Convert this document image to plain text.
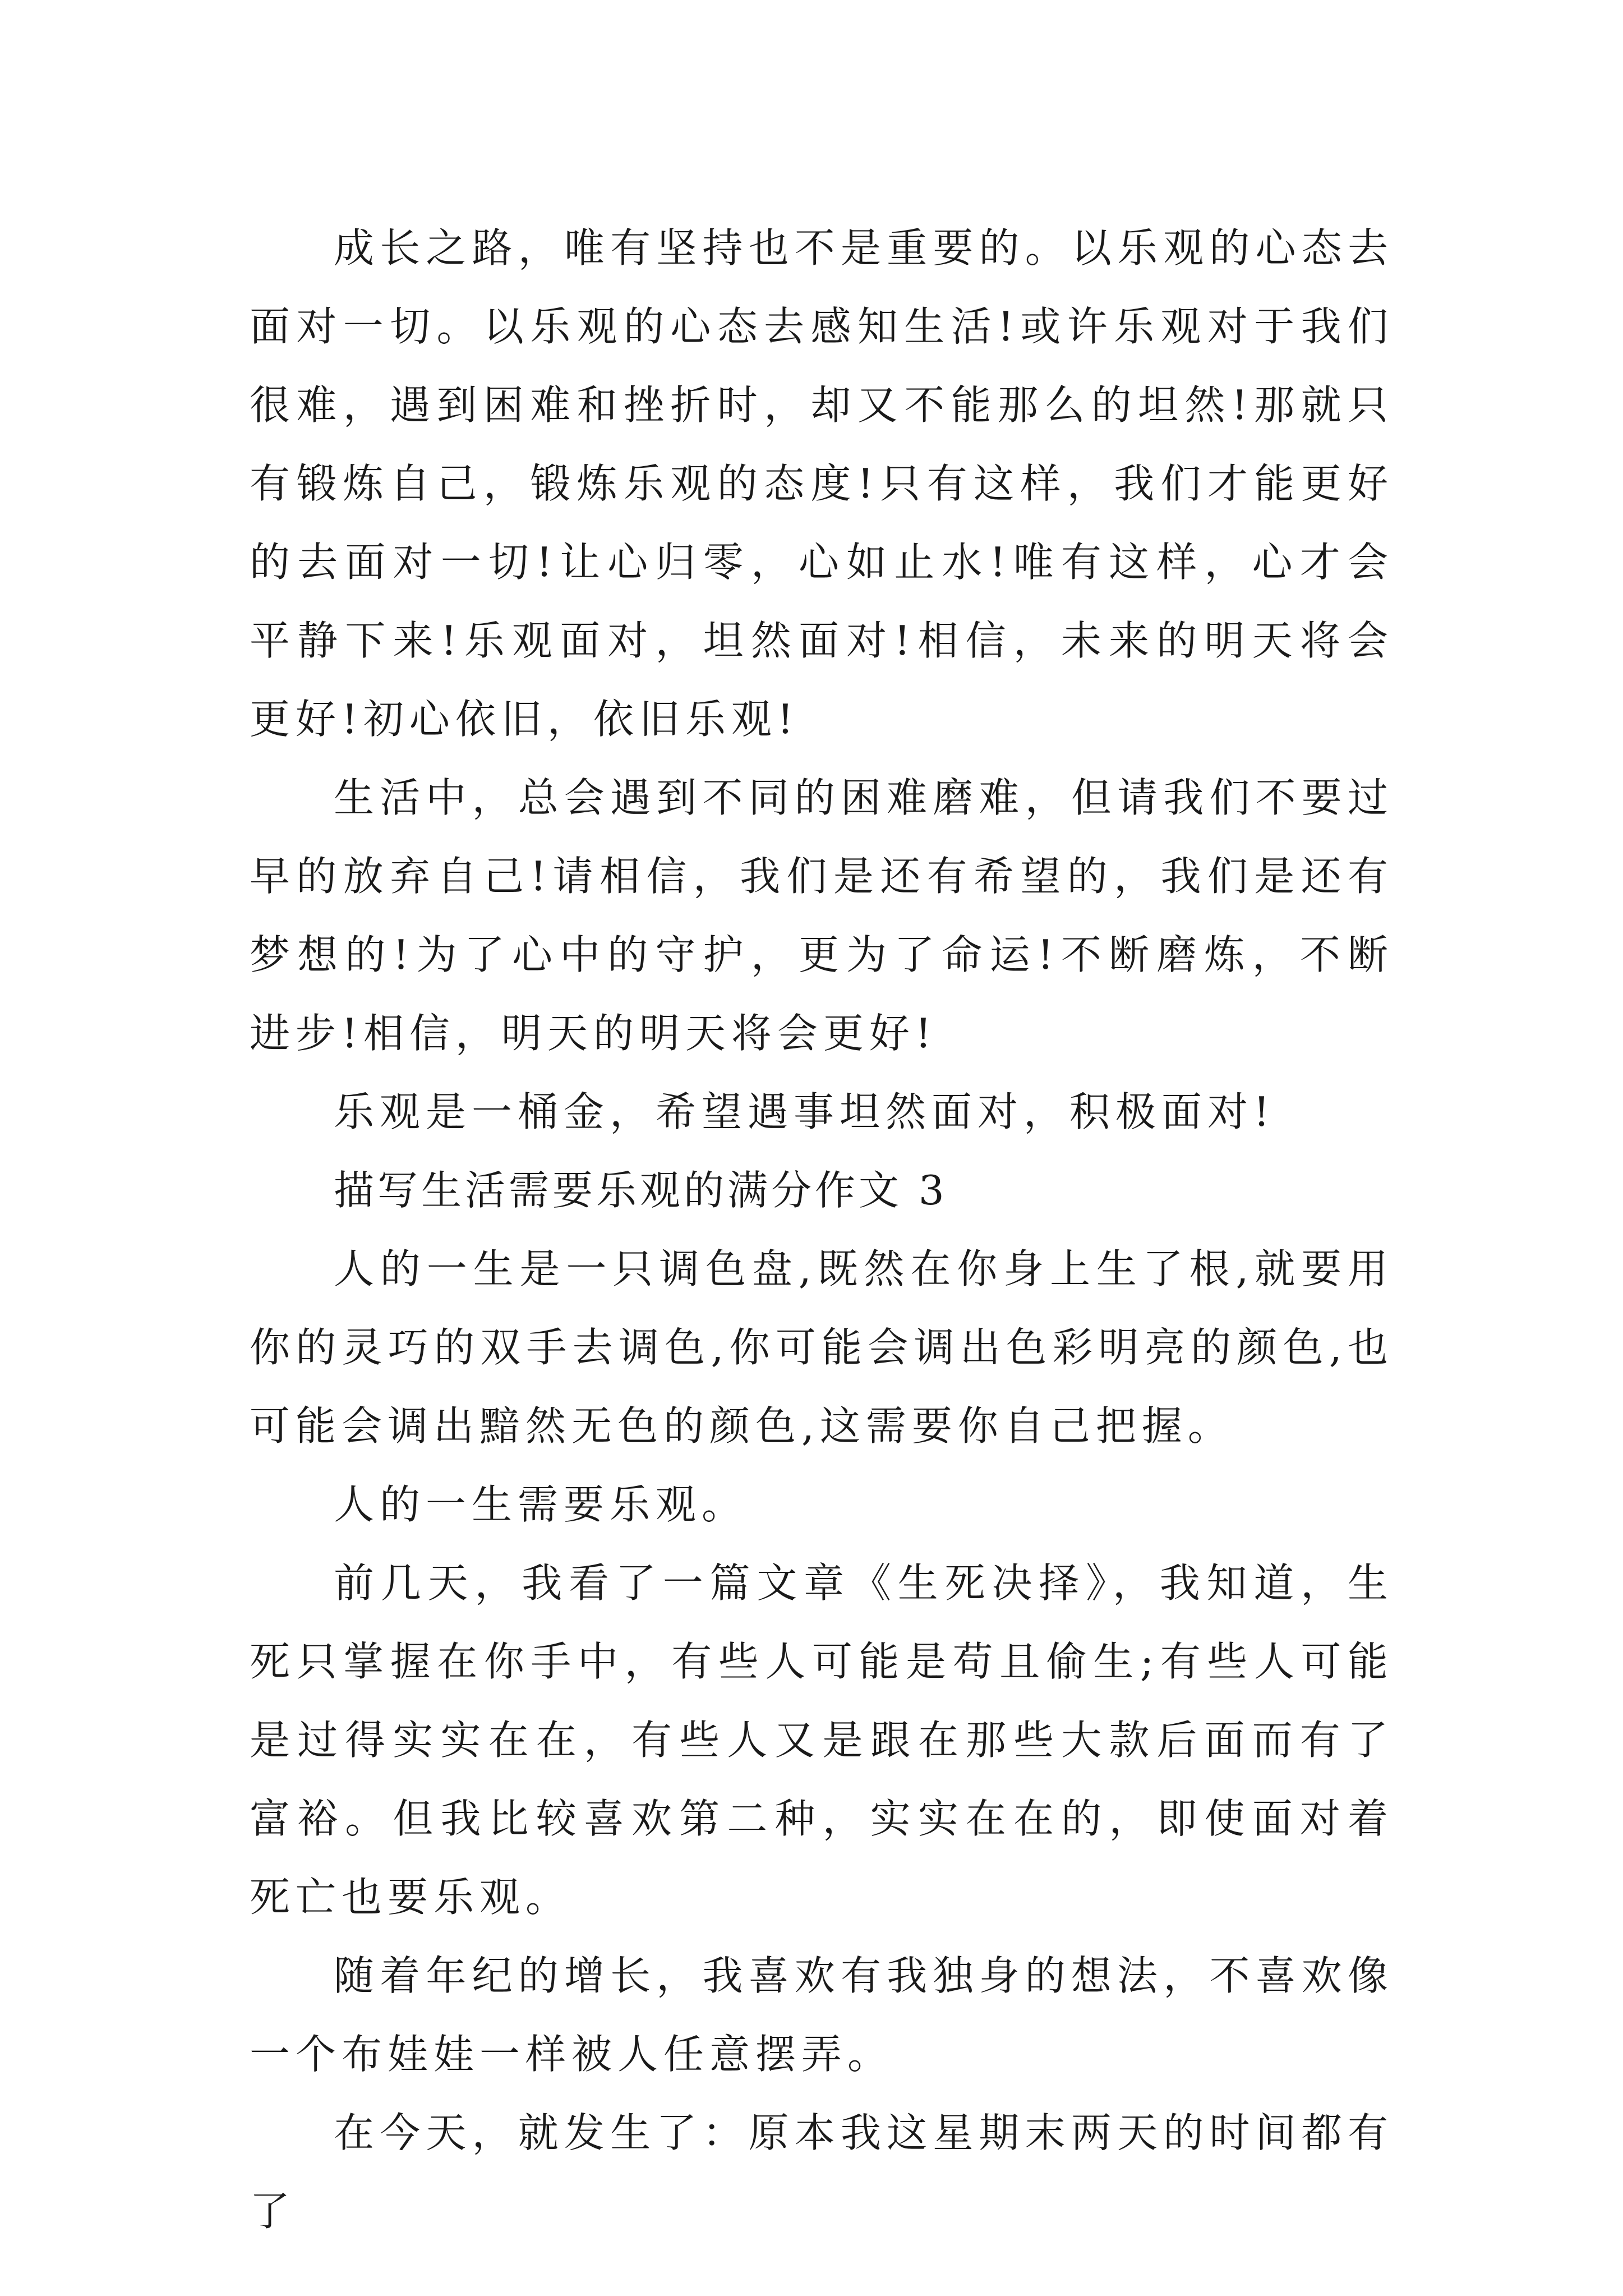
成长之路，唯有坚持也不是重要的。以乐观的心态去面对一切。以乐观的心态去感知生活!或许乐观对于我们很难，遇到困难和挫折时，却又不能那么的坦然!那就只有锻炼自己，锻炼乐观的态度!只有这样，我们才能更好的去面对一切!让心归零，心如止水!唯有这样，心才会平静下来!乐观面对，坦然面对!相信，未来的明天将会更好!初心依旧，依旧乐观!

生活中，总会遇到不同的困难磨难，但请我们不要过早的放弃自己!请相信，我们是还有希望的，我们是还有梦想的!为了心中的守护，更为了命运!不断磨炼，不断进步!相信，明天的明天将会更好!

乐观是一桶金，希望遇事坦然面对，积极面对!

描写生活需要乐观的满分作文 3

人的一生是一只调色盘,既然在你身上生了根,就要用你的灵巧的双手去调色,你可能会调出色彩明亮的颜色,也可能会调出黯然无色的颜色,这需要你自己把握。

人的一生需要乐观。

前几天，我看了一篇文章《生死决择》，我知道，生死只掌握在你手中，有些人可能是苟且偷生;有些人可能是过得实实在在，有些人又是跟在那些大款后面而有了富裕。但我比较喜欢第二种，实实在在的，即使面对着死亡也要乐观。

随着年纪的增长，我喜欢有我独身的想法，不喜欢像一个布娃娃一样被人任意摆弄。

在今天，就发生了：原本我这星期末两天的时间都有了
